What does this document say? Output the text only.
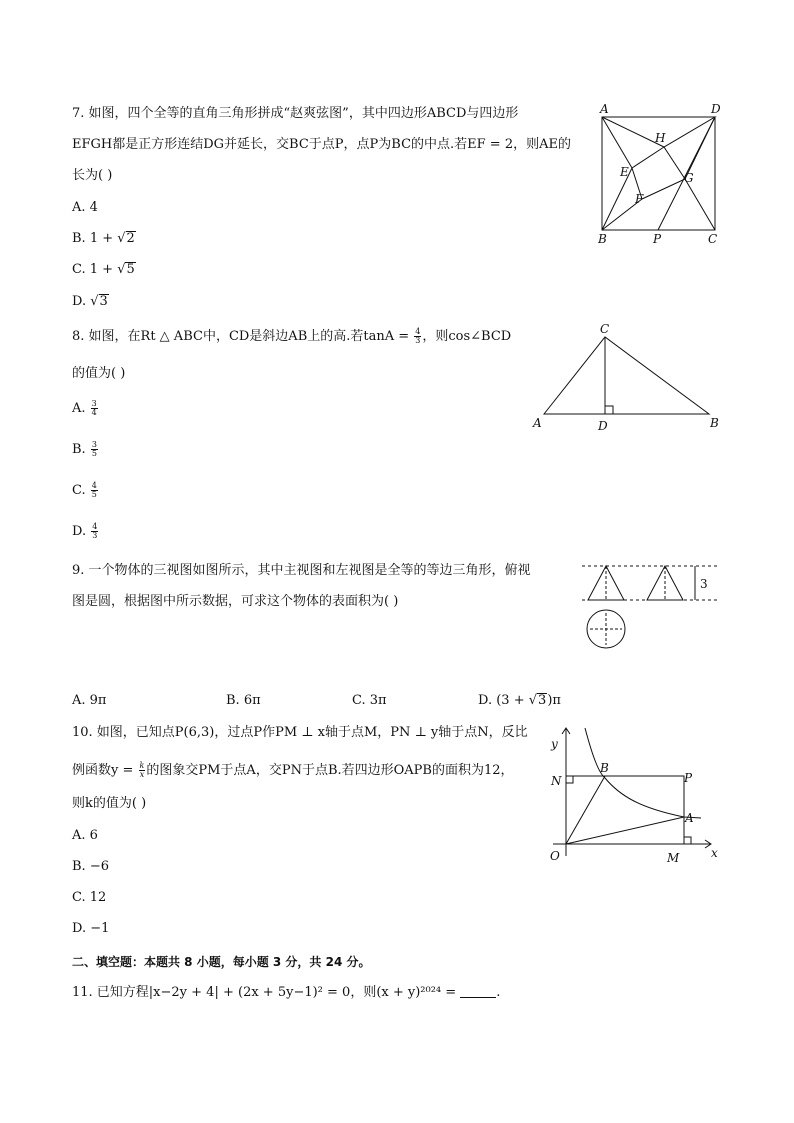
7. 如图，四个全等的直角三角形拼成“赵爽弦图”，其中四边形ABCD与四边形
EFGH都是正方形连结DG并延长，交BC于点P，点P为BC的中点.若EF = 2，则AE的
长为( )
A. 4
B. 1 + √2
C. 1 + √5
D. √3
A	D
B	C
P
E
F
G
H
8. 如图，在Rt △ ABC中，CD是斜边AB上的高.若$\tan A = \frac{4}{3}$ ，则cos∠BCD
的值为( )
A. $\frac{3}{4}$
B. $\frac{3}{5}$
C. $\frac{4}{5}$
D. $\frac{4}{3}$
A
C
D	B
9. 一个物体的三视图如图所示，其中主视图和左视图是全等的等边三角形，俯视
图是圆，根据图中所示数据，可求这个物体的表面积为( )
3
A. 9π	B. 6π	C. 3π	D. (3 + √3)π
10. 如图，已知点P(6,3)，过点P作PM ⊥ x轴于点M，PN ⊥ y轴于点N，反比
例函数$y = \frac{k}{x}$ 的图象交PM于点A，交PN于点B.若四边形OAPB的面积为12，
则k的值为( )
A. 6
B. −6
C. 12
D. −1
y
x
O	M
N
B
P
A
二、填空题：本题共 8 小题，每小题 3 分，共 24 分。
11. 已知方程|x−2y + 4| + (2x + 5y−1)² = 0，则(x + y)²⁰²⁴ =	.
